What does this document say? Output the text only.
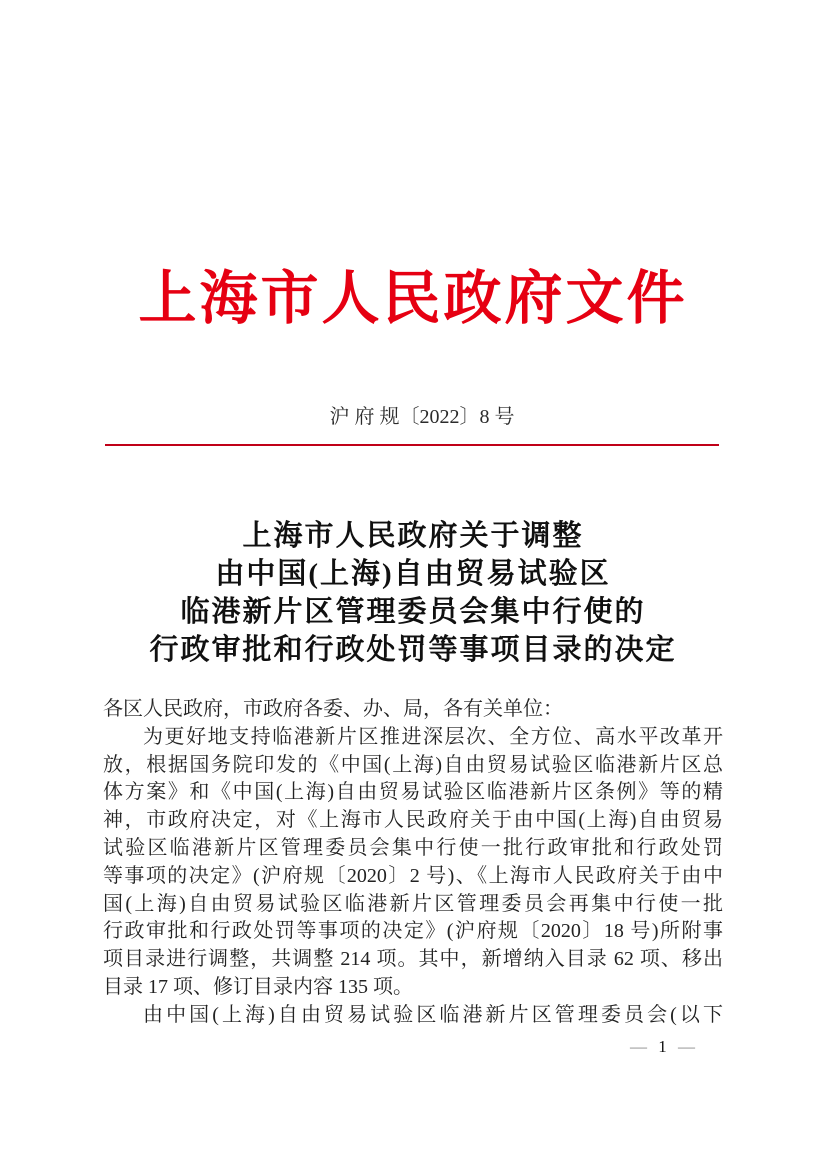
上海市人民政府文件
沪 府 规〔2022〕8 号
上海市人民政府关于调整
由中国(上海)自由贸易试验区
临港新片区管理委员会集中行使的
行政审批和行政处罚等事项目录的决定
各区人民政府，市政府各委、办、局，各有关单位：
为更好地支持临港新片区推进深层次、全方位、高水平改革开
放，根据国务院印发的《中国(上海)自由贸易试验区临港新片区总
体方案》和《中国(上海)自由贸易试验区临港新片区条例》等的精
神，市政府决定，对《上海市人民政府关于由中国(上海)自由贸易
试验区临港新片区管理委员会集中行使一批行政审批和行政处罚
等事项的决定》(沪府规〔2020〕2 号)、《上海市人民政府关于由中
国(上海)自由贸易试验区临港新片区管理委员会再集中行使一批
行政审批和行政处罚等事项的决定》(沪府规〔2020〕18 号)所附事
项目录进行调整，共调整 214 项。其中，新增纳入目录 62 项、移出
目录 17 项、修订目录内容 135 项。
由中国(上海)自由贸易试验区临港新片区管理委员会(以下
— 1 —
